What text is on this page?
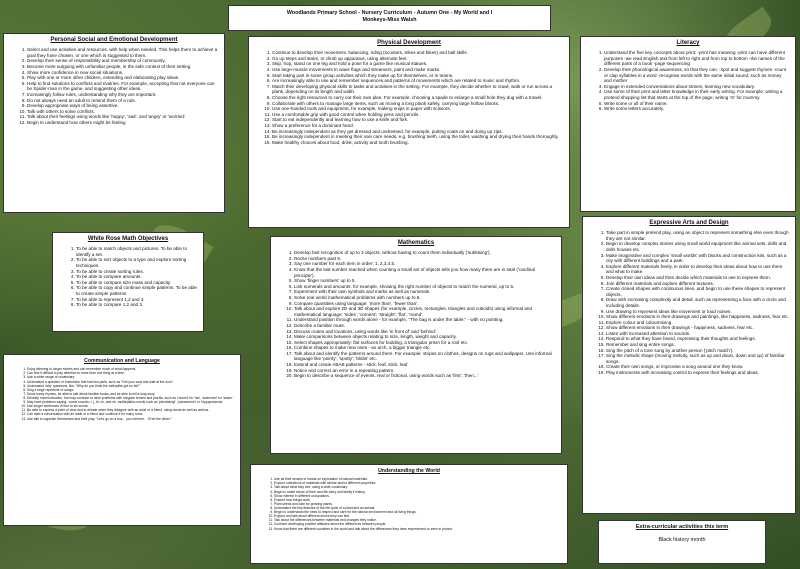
Woodlands Primary School - Nursery Curriculum - Autumn One - My World and I
Monkeys-Miss Walsh
Personal Social and Emotional Development
1. Select and use activities and resources, with help when needed. This helps them to achieve a goal they have chosen, or one which is suggested to them.
2. Develop their sense of responsibility and membership of community.
3. Become more outgoing with unfamiliar people, in the safe context of their setting.
4. Show more confidence in new social situations.
5. Play with one or more other children, extending and elaborating play ideas.
6. Help to find solutions to conflicts and rivalries. For example, accepting that not everyone can be Spider-man in the game, and suggesting other ideas.
7. Increasingly follow rules, understanding why they are important.
8. Do not always need an adult to remind them of a rule.
9. Develop appropriate ways of being assertive.
10. Talk with others to solve conflicts.
11. Talk about their feelings using words like 'happy', 'sad', and 'angry' or 'worried'.
12. Begin to understand how others might be feeling
Physical Development
1. Continue to develop their movement, balancing, riding (scooters, trikes and bikes) and ball skills.
2. Go up steps and stairs, or climb up apparatus, using alternate feet.
3. Skip, hop, stand on one leg and hold a pose for a game like musical statues.
4. Use large-muscle movements to wave flags and streamers, paint and make marks.
5. Start taking part in some group activities which they make up for themselves, or in teams.
6. Are increasingly able to use and remember sequences and patterns of movements which are related to music and rhythm.
7. Match their developing physical skills to tasks and activities in the setting. For example, they decide whether to crawl, walk or run across a plank, depending on its length and width.
8. Choose the right resources to carry out their own plan. For example, choosing a spade to enlarge a small hole they dug with a trowel.
9. Collaborate with others to manage large items, such as moving a long plank safely, carrying large hollow blocks.
10. Use one-handed tools and equipment, for example, making snips in paper with scissors.
11. Use a comfortable grip with good control when holding pens and pencils.
12. Start to eat independently and learning how to use a knife and fork.
13. Show a preference for a dominant hand.
14. Be increasingly independent as they get dressed and undressed, for example, putting coats on and doing up zips.
15. Be increasingly independent in meeting their own care needs, e.g. brushing teeth, using the toilet, washing and drying their hands thoroughly.
16. Make healthy choices about food, drink, activity and tooth brushing.
Literacy
1. Understand the five key concepts about print: -print has meaning -print can have different purposes -we read English text from left to right and from top to bottom -the names of the different parts of a book -page sequencing
2. Develop their phonological awareness, so that they can: -spot and suggest rhymes -count or clap syllables in a word -recognise words with the same initial sound, such as money and mother
3. Engage in extended conversations about stories, learning new vocabulary.
4. Use some of their print and letter knowledge in their early writing. For example: writing a pretend shopping list that starts at the top of the page; writing 'm' for mummy.
5. Write some or all of their name.
6. Write some letters accurately.
White Rose Math Objectives
1. To be able to match objects and pictures. To be able to identify a set.
2. To be able to sort objects to a type and explore sorting techniques.
3. To be able to create sorting rules.
4. To be able to compare amounts.
5. To be able to compare size mass and capacity.
6. To be able to copy and continue simple patterns. To be able to create simple patterns
7. To be able to represent 1,2 and 3.
8. To be able to compare 1,2 and 3.
Mathematics
1. Develop fast recognition of up to 3 objects, without having to count them individually ('subitising').
2. Recite numbers past 5.
3. Say one number for each item in order: 1, 2,3,4,5.
4. Know that the last number reached when counting a small set of objects tells you how many there are in total ('cardinal principle').
5. Show 'finger numbers' up to 5.
6. Link numerals and amounts: for example, showing the right number of objects to match the numeral, up to 5.
7. Experiment with their own symbols and marks as well as numerals.
8. Solve real world mathematical problems with numbers up to 5.
9. Compare quantities using language: 'more than', 'fewer than'.
10. Talk about and explore 2D and 3D shapes (for example, circles, rectangles, triangles and cuboids) using informal and mathematical language: 'sides', 'corners'; 'straight', 'flat', 'round'.
11. Understand position through words alone - for example, "The bag is under the table," - with no pointing.
12. Describe a familiar route.
13. Discuss routes and locations, using words like 'in front of' and 'behind'.
14. Make comparisons between objects relating to size, length, weight and capacity.
15. Select shapes appropriately: flat surfaces for building, a triangular prism for a roof etc.
16. Combine shapes to make new ones - an arch, a bigger triangle etc.
17. Talk about and identify the patterns around them. For example: stripes on clothes, designs on rugs and wallpaper. Use informal language like 'pointy', 'spotty', 'blobs' etc.
18. Extend and create ABAB patterns - stick, leaf, stick, leaf.
19. Notice and correct an error in a repeating pattern.
20. Begin to describe a sequence of events, real or fictional, using words such as 'first', 'then...'
Expressive Arts and Design
1. Take part in simple pretend play, using an object to represent something else even though they are not similar.
2. Begin to develop complex stories using small world equipment like animal sets, dolls and dolls houses etc.
3. Make imaginative and complex 'small worlds' with blocks and construction kits, such as a city with different buildings and a park.
4. Explore different materials freely, in order to develop their ideas about how to use them and what to make.
5. Develop their own ideas and then decide which materials to use to express them.
6. Join different materials and explore different textures.
7. Create closed shapes with continuous lines, and begin to use these shapes to represent objects.
8. Draw with increasing complexity and detail, such as representing a face with a circle and including details.
9. Use drawing to represent ideas like movement or loud noises.
10. Show different emotions in their drawings and paintings, like happiness, sadness, fear etc.
11. Explore colour and colourmixing.
12. Show different emotions in their drawings - happiness, sadness, fear etc.
13. Listen with increased attention to sounds.
14. Respond to what they have heard, expressing their thoughts and feelings.
15. Remember and sing entire songs.
16. Sing the pitch of a tone sung by another person ('pitch match').
17. Sing the melodic shape (moving melody, such as up and down, down and up) of familiar songs.
18. Create their own songs, or improvise a song around one they know.
19. Play instruments with increasing control to express their feelings and ideas.
Communication and Language
1. Enjoy listening to longer stories and can remember much of what happens.
2. Can find it difficult to pay attention to more than one thing at a time.
3. Use a wider range of vocabulary.
4. Understand a question or instruction that has two parts, such as "Get your coat and wait at the door".
5. Understand 'why' questions, like: "Why do you think the caterpillar got so fat?"
6. Sing a large repertoire of songs.
7. Know many rhymes, be able to talk about familiar books, and be able to tell a long story.
8. Develop communication, but may continue to have problems with irregular tenses and plurals, such as 'runned' for 'ran', 'swimmed' for 'swam'.
9. May have problems saying: -some sounds: r, j, th, ch, and sh -multisyllabic words such as 'pterodactyl', 'planetarium' or 'hippopotamus'
10. Use longer sentences of four to six words.
11. Be able to express a point of view and to debate when they disagree with an adult or a friend, using words as well as actions.
12. Can start a conversation with an adult or a friend and continue it for many turns.
13. Use talk to organise themselves and their play: "Let's go on a bus... you sit there... I'll be the driver."
Understanding the World
1. Use all their senses in hands-on exploration of natural materials.
2. Explore collections of materials with similar and/or different properties.
3. Talk about what they see, using a wide vocabulary.
4. Begin to make sense of their own life-story and family's history.
5. Show interest in different occupations.
6. Explore how things work.
7. Plant seeds and care for growing plants.
8. Understand the key features of the life cycle of a plant and an animal.
9. Begin to understand the need to respect and care for the natural environment and all living things.
10. Explore and talk about different forces they can feel.
11. Talk about the differences between materials and changes they notice.
12. Continue developing positive attitudes about the differences between people.
13. Know that there are different countries in the world and talk about the differences they have experienced or seen in photos.	Extra-curricular activities this term
Black history month
